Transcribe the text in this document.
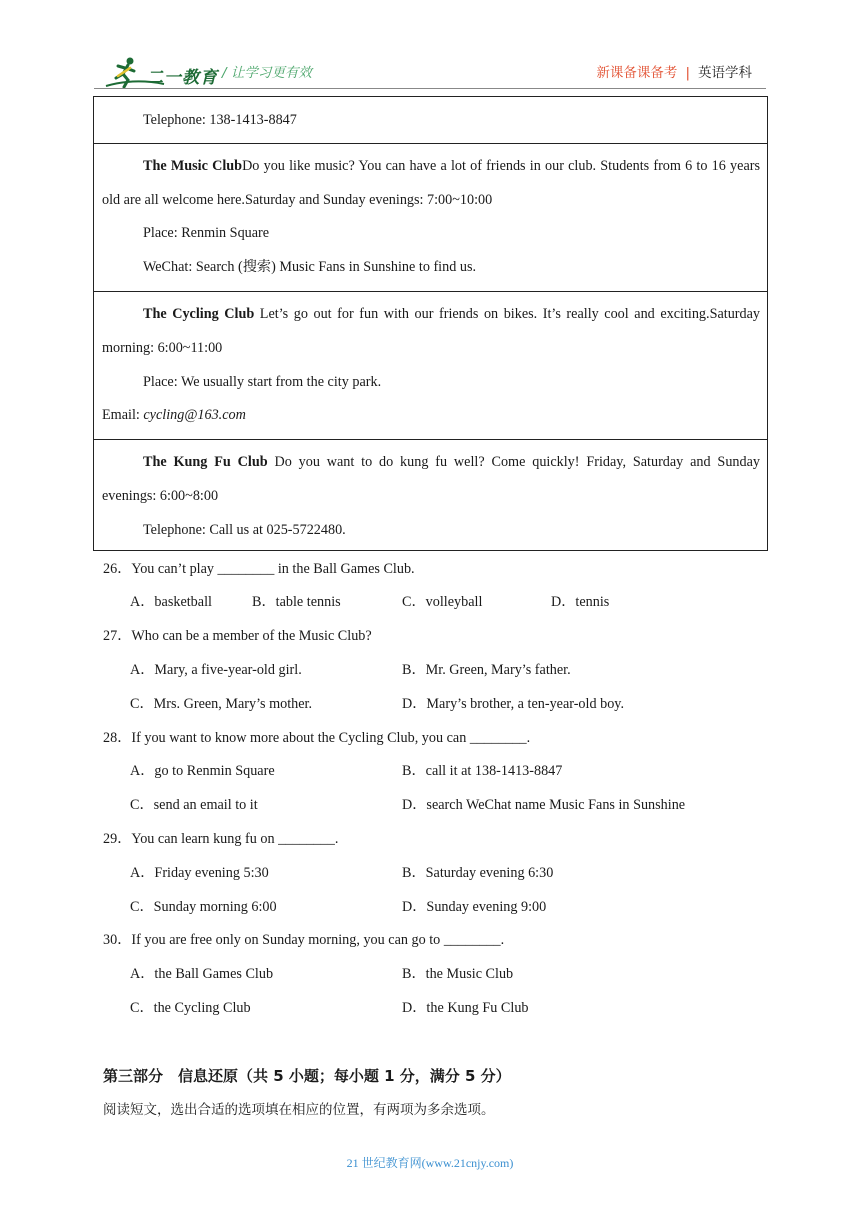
二一教育 / 让学习更有效	新课备课备考 | 英语学科

Telephone: 138-1413-8847

The Music ClubDo you like music? You can have a lot of friends in our club. Students from 6 to 16 years old are all welcome here.Saturday and Sunday evenings: 7:00~10:00

Place: Renmin Square

WeChat: Search (搜索) Music Fans in Sunshine to find us.

The Cycling Club Let’s go out for fun with our friends on bikes. It’s really cool and exciting.Saturday morning: 6:00~11:00

Place: We usually start from the city park.

Email: cycling@163.com

The Kung Fu Club Do you want to do kung fu well? Come quickly! Friday, Saturday and Sunday evenings: 6:00~8:00

Telephone: Call us at 025-5722480.

26．You can’t play ________ in the Ball Games Club.
A．basketball	B．table tennis	C．volleyball	D．tennis
27．Who can be a member of the Music Club?
A．Mary, a five-year-old girl.	B．Mr. Green, Mary’s father.
C．Mrs. Green, Mary’s mother.	D．Mary’s brother, a ten-year-old boy.
28．If you want to know more about the Cycling Club, you can ________.
A．go to Renmin Square	B．call it at 138-1413-8847
C．send an email to it	D．search WeChat name Music Fans in Sunshine
29．You can learn kung fu on ________.
A．Friday evening 5:30	B．Saturday evening 6:30
C．Sunday morning 6:00	D．Sunday evening 9:00
30．If you are free only on Sunday morning, you can go to ________.
A．the Ball Games Club	B．the Music Club
C．the Cycling Club	D．the Kung Fu Club
第三部分　信息还原（共 5 小题；每小题 1 分，满分 5 分）
阅读短文，选出合适的选项填在相应的位置，有两项为多余选项。
21 世纪教育网(www.21cnjy.com)
